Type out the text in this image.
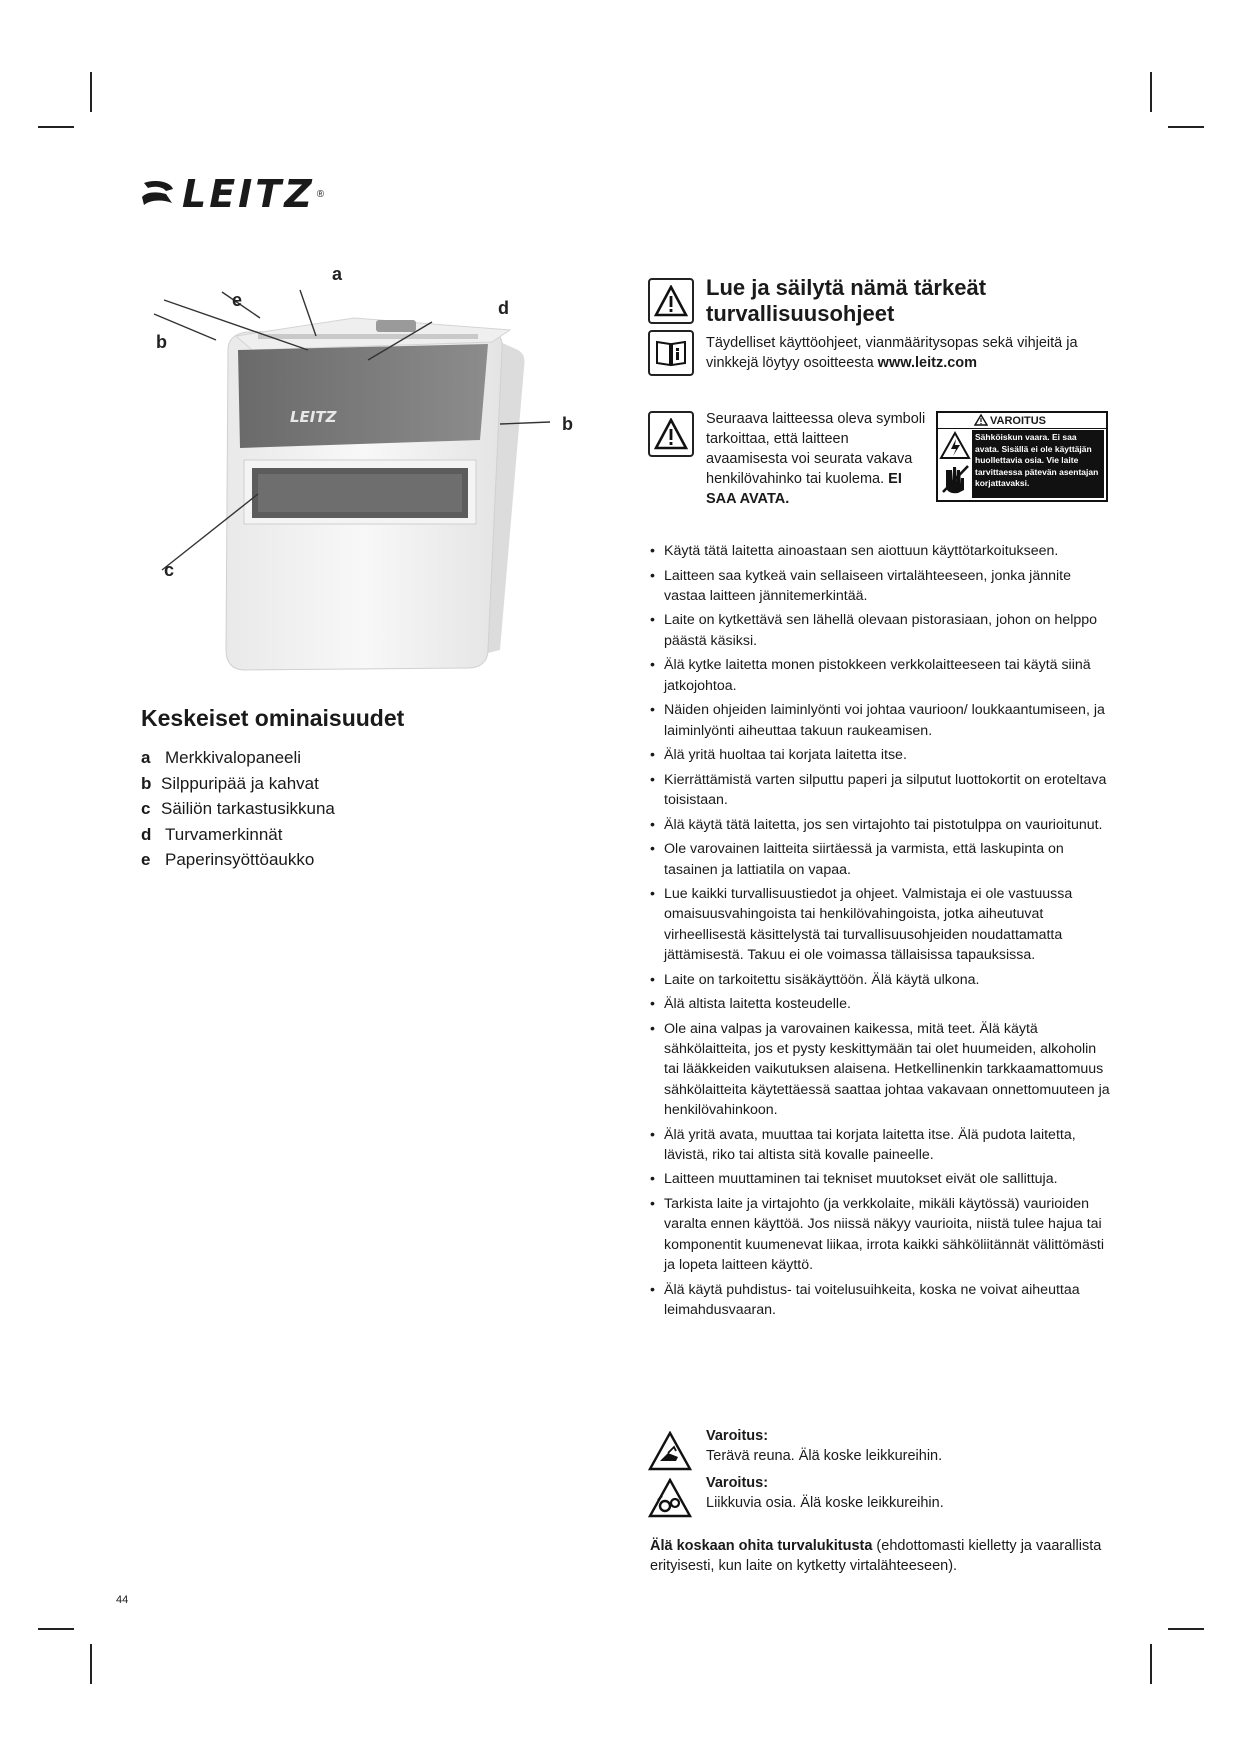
LEITZ ®
LEITZ
a
e	d
b
b
c
Keskeiset ominaisuudet
a Merkkivalopaneeli
b Silppuripää ja kahvat
c Säiliön tarkastusikkuna
d Turvamerkinnät
e Paperinsyöttöaukko
Lue ja säilytä nämä tärkeät
turvallisuusohjeet
Täydelliset käyttöohjeet, vianmääritysopas sekä vihjeitä ja vinkkejä löytyy osoitteesta www.leitz.com
Seuraava laitteessa oleva symboli tarkoittaa, että laitteen avaamisesta voi seurata vakava henkilövahinko tai kuolema. EI SAA AVATA.
VAROITUS
Sähköiskun vaara. Ei saa avata. Sisällä ei ole käyttäjän huollettavia osia. Vie laite tarvittaessa pätevän asentajan korjattavaksi.
• Käytä tätä laitetta ainoastaan sen aiottuun käyttötarkoitukseen.
• Laitteen saa kytkeä vain sellaiseen virtalähteeseen, jonka jännite vastaa laitteen jännitemerkintää.
• Laite on kytkettävä sen lähellä olevaan pistorasiaan, johon on helppo päästä käsiksi.
• Älä kytke laitetta monen pistokkeen verkkolaitteeseen tai käytä siinä jatkojohtoa.
• Näiden ohjeiden laiminlyönti voi johtaa vaurioon/ loukkaantumiseen, ja laiminlyönti aiheuttaa takuun raukeamisen.
• Älä yritä huoltaa tai korjata laitetta itse.
• Kierrättämistä varten silputtu paperi ja silputut luottokortit on eroteltava toisistaan.
• Älä käytä tätä laitetta, jos sen virtajohto tai pistotulppa on vaurioitunut.
• Ole varovainen laitteita siirtäessä ja varmista, että laskupinta on tasainen ja lattiatila on vapaa.
• Lue kaikki turvallisuustiedot ja ohjeet. Valmistaja ei ole vastuussa omaisuusvahingoista tai henkilövahingoista, jotka aiheutuvat virheellisestä käsittelystä tai turvallisuusohjeiden noudattamatta jättämisestä. Takuu ei ole voimassa tällaisissa tapauksissa.
• Laite on tarkoitettu sisäkäyttöön. Älä käytä ulkona.
• Älä altista laitetta kosteudelle.
• Ole aina valpas ja varovainen kaikessa, mitä teet. Älä käytä sähkölaitteita, jos et pysty keskittymään tai olet huumeiden, alkoholin tai lääkkeiden vaikutuksen alaisena. Hetkellinenkin tarkkaamattomuus sähkölaitteita käytettäessä saattaa johtaa vakavaan onnettomuuteen ja henkilövahinkoon.
• Älä yritä avata, muuttaa tai korjata laitetta itse. Älä pudota laitetta, lävistä, riko tai altista sitä kovalle paineelle.
• Laitteen muuttaminen tai tekniset muutokset eivät ole sallittuja.
• Tarkista laite ja virtajohto (ja verkkolaite, mikäli käytössä) vaurioiden varalta ennen käyttöä. Jos niissä näkyy vaurioita, niistä tulee hajua tai komponentit kuumenevat liikaa, irrota kaikki sähköliitännät välittömästi ja lopeta laitteen käyttö.
• Älä käytä puhdistus- tai voitelusuihkeita, koska ne voivat aiheuttaa leimahdusvaaran.
Varoitus:
Terävä reuna. Älä koske leikkureihin.
Varoitus:
Liikkuvia osia. Älä koske leikkureihin.
Älä koskaan ohita turvalukitusta (ehdottomasti kielletty ja vaarallista erityisesti, kun laite on kytketty virtalähteeseen).
44
